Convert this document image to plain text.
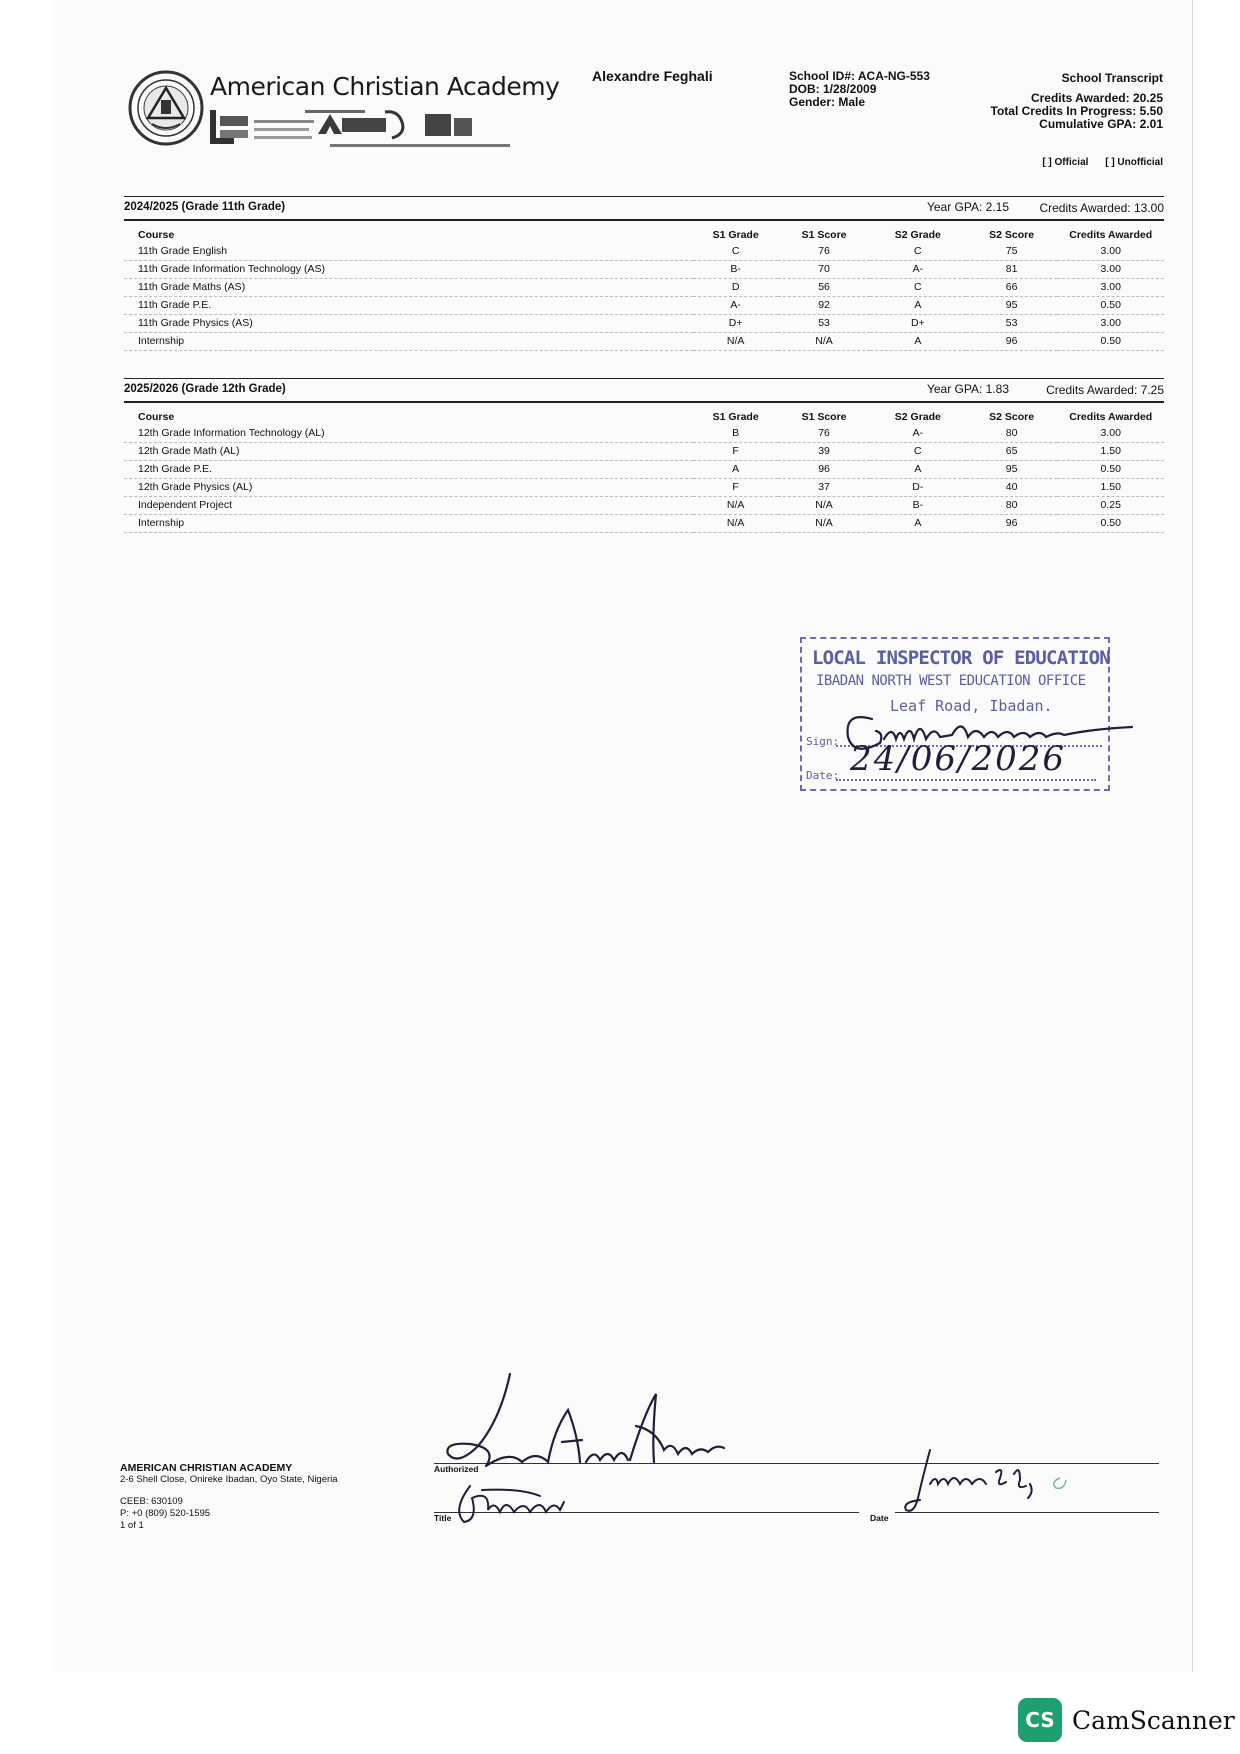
American Christian Academy Alexandre Feghali	School ID#: ACA-NG-553
DOB: 1/28/2009
Gender: Male
School Transcript
Credits Awarded: 20.25
Total Credits In Progress: 5.50
Cumulative GPA: 2.01
[ ] Official [ ] Unofficial
2024/2025 (Grade 11th Grade)	Year GPA: 2.15	Credits Awarded: 13.00
Course	S1 Grade	S1 Score	S2 Grade	S2 Score	Credits Awarded
11th Grade English	C	76	C	75	3.00
11th Grade Information Technology (AS)	B-	70	A-	81	3.00
11th Grade Maths (AS)	D	56	C	66	3.00
11th Grade P.E.	A-	92	A	95	0.50
11th Grade Physics (AS)	D+	53	D+	53	3.00
Internship	N/A	N/A	A	96	0.50
2025/2026 (Grade 12th Grade)	Year GPA: 1.83	Credits Awarded: 7.25
Course	S1 Grade	S1 Score	S2 Grade	S2 Score	Credits Awarded
12th Grade Information Technology (AL)	B	76	A-	80	3.00
12th Grade Math (AL)	F	39	C	65	1.50
12th Grade P.E.	A	96	A	95	0.50
12th Grade Physics (AL)	F	37	D-	40	1.50
Independent Project	N/A	N/A	B-	80	0.25
Internship	N/A	N/A	A	96	0.50
LOCAL INSPECTOR OF EDUCATION
IBADAN NORTH WEST EDUCATION OFFICE
Leaf Road, Ibadan.
Sign:
Date: 24/06/2026
AMERICAN CHRISTIAN ACADEMY
2-6 Shell Close, Onireke Ibadan, Oyo State, Nigeria
CEEB: 630109
P: +0 (809) 520-1595
1 of 1
Authorized
Title	Date
CS CamScanner
